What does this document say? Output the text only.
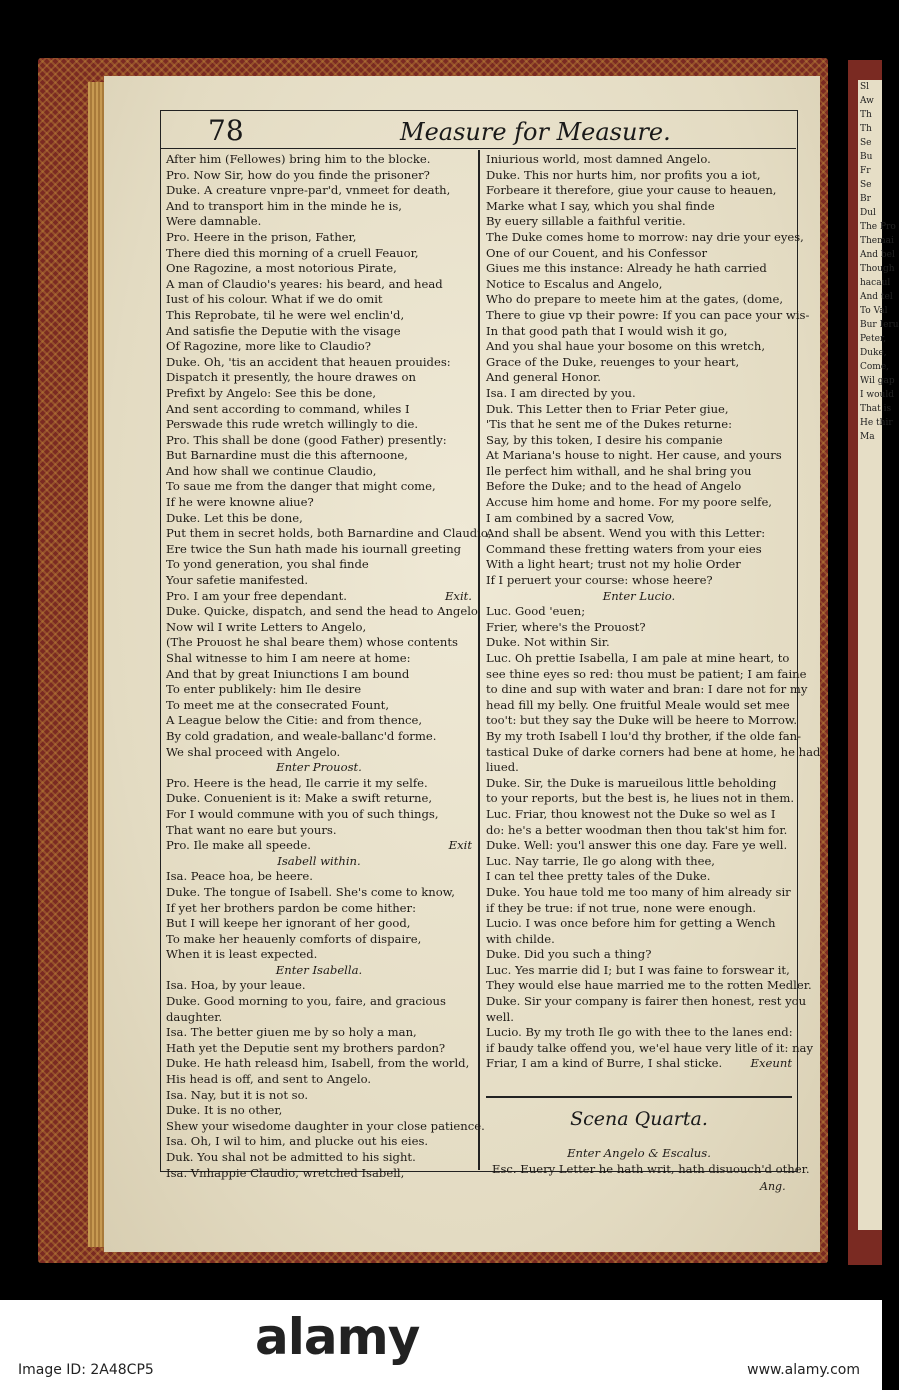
Sl
Aw
Th
Th
Se
Bu
Fr
Se
Br
Dul
The Pro
Themai
And bel
Though
hacaul
And tel
To Val
Bur Ieru
Peter,
Duke,
Come,
Wil gap
I would
That is
He thir
Ma
78	Measure for Measure.
After him (Fellowes) bring him to the blocke.
Pro. Now Sir, how do you finde the prisoner?
Duke. A creature vnpre-par'd, vnmeet for death,
And to transport him in the minde he is,
Were damnable.
Pro. Heere in the prison, Father,
There died this morning of a cruell Feauor,
One Ragozine, a most notorious Pirate,
A man of Claudio's yeares: his beard, and head
Iust of his colour. What if we do omit
This Reprobate, til he were wel enclin'd,
And satisfie the Deputie with the visage
Of Ragozine, more like to Claudio?
Duke. Oh, 'tis an accident that heauen prouides:
Dispatch it presently, the houre drawes on
Prefixt by Angelo: See this be done,
And sent according to command, whiles I
Perswade this rude wretch willingly to die.
Pro. This shall be done (good Father) presently:
But Barnardine must die this afternoone,
And how shall we continue Claudio,
To saue me from the danger that might come,
If he were knowne aliue?
Duke. Let this be done,
Put them in secret holds, both Barnardine and Claudio,
Ere twice the Sun hath made his iournall greeting
To yond generation, you shal finde
Your safetie manifested.
Pro. I am your free dependant.	Exit.
Duke. Quicke, dispatch, and send the head to Angelo
Now wil I write Letters to Angelo,
(The Prouost he shal beare them) whose contents
Shal witnesse to him I am neere at home:
And that by great Iniunctions I am bound
To enter publikely: him Ile desire
To meet me at the consecrated Fount,
A League below the Citie: and from thence,
By cold gradation, and weale-ballanc'd forme.
We shal proceed with Angelo.
Enter Prouost.
Pro. Heere is the head, Ile carrie it my selfe.
Duke. Conuenient is it: Make a swift returne,
For I would commune with you of such things,
That want no eare but yours.
Pro. Ile make all speede.	Exit
Isabell within.
Isa. Peace hoa, be heere.
Duke. The tongue of Isabell. She's come to know,
If yet her brothers pardon be come hither:
But I will keepe her ignorant of her good,
To make her heauenly comforts of dispaire,
When it is least expected.
Enter Isabella.
Isa. Hoa, by your leaue.
Duke. Good morning to you, faire, and gracious
daughter.
Isa. The better giuen me by so holy a man,
Hath yet the Deputie sent my brothers pardon?
Duke. He hath releasd him, Isabell, from the world,
His head is off, and sent to Angelo.
Isa. Nay, but it is not so.
Duke. It is no other,
Shew your wisedome daughter in your close patience.
Isa. Oh, I wil to him, and plucke out his eies.
Duk. You shal not be admitted to his sight.
Isa. Vnhappie Claudio, wretched Isabell,
Iniurious world, most damned Angelo.
Duke. This nor hurts him, nor profits you a iot,
Forbeare it therefore, giue your cause to heauen,
Marke what I say, which you shal finde
By euery sillable a faithful veritie.
The Duke comes home to morrow: nay drie your eyes,
One of our Couent, and his Confessor
Giues me this instance: Already he hath carried
Notice to Escalus and Angelo,
Who do prepare to meete him at the gates, (dome,
There to giue vp their powre: If you can pace your wis-
In that good path that I would wish it go,
And you shal haue your bosome on this wretch,
Grace of the Duke, reuenges to your heart,
And general Honor.
Isa. I am directed by you.
Duk. This Letter then to Friar Peter giue,
'Tis that he sent me of the Dukes returne:
Say, by this token, I desire his companie
At Mariana's house to night. Her cause, and yours
Ile perfect him withall, and he shal bring you
Before the Duke; and to the head of Angelo
Accuse him home and home. For my poore selfe,
I am combined by a sacred Vow,
And shall be absent. Wend you with this Letter:
Command these fretting waters from your eies
With a light heart; trust not my holie Order
If I peruert your course: whose heere?
Enter Lucio.
Luc. Good 'euen;
Frier, where's the Prouost?
Duke. Not within Sir.
Luc. Oh prettie Isabella, I am pale at mine heart, to
see thine eyes so red: thou must be patient; I am faine
to dine and sup with water and bran: I dare not for my
head fill my belly. One fruitful Meale would set mee
too't: but they say the Duke will be heere to Morrow.
By my troth Isabell I lou'd thy brother, if the olde fan-
tastical Duke of darke corners had bene at home, he had
liued.
Duke. Sir, the Duke is marueilous little beholding
to your reports, but the best is, he liues not in them.
Luc. Friar, thou knowest not the Duke so wel as I
do: he's a better woodman then thou tak'st him for.
Duke. Well: you'l answer this one day. Fare ye well.
Luc. Nay tarrie, Ile go along with thee,
I can tel thee pretty tales of the Duke.
Duke. You haue told me too many of him already sir
if they be true: if not true, none were enough.
Lucio. I was once before him for getting a Wench
with childe.
Duke. Did you such a thing?
Luc. Yes marrie did I; but I was faine to forswear it,
They would else haue married me to the rotten Medler.
Duke. Sir your company is fairer then honest, rest you
well.
Lucio. By my troth Ile go with thee to the lanes end:
if baudy talke offend you, we'el haue very litle of it: nay
Friar, I am a kind of Burre, I shal sticke. Exeunt
Scena Quarta.
Enter Angelo & Escalus.
Esc. Euery Letter he hath writ, hath disuouch'd other.
Ang.
alamy
Image ID: 2A48CP5	www.alamy.com
